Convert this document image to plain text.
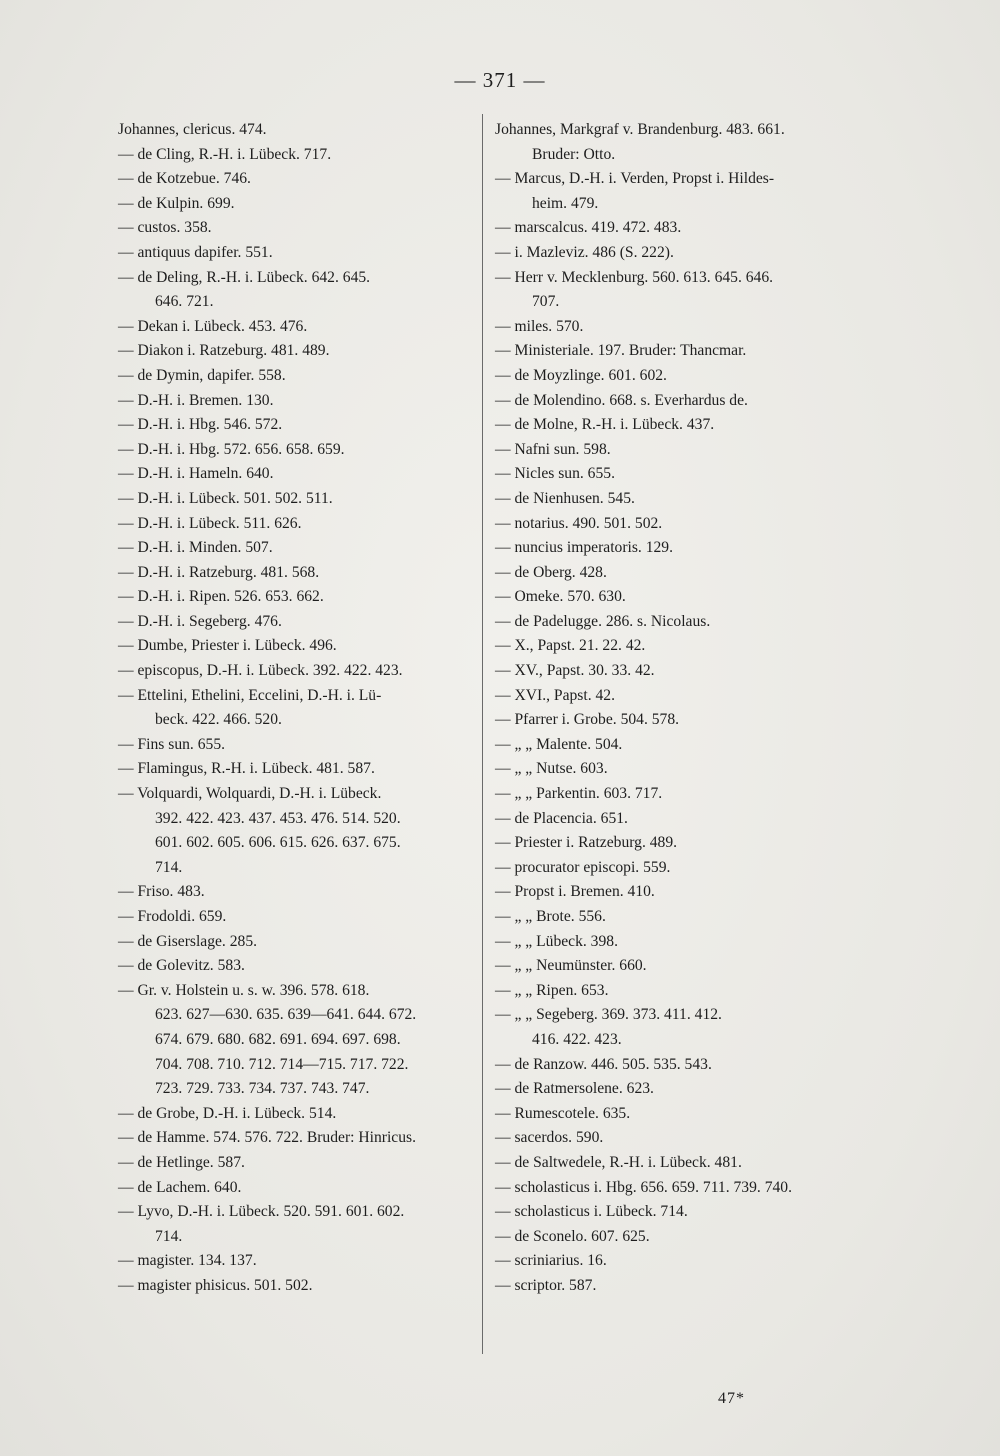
— 371 —
Johannes, clericus. 474.
— de Cling, R.-H. i. Lübeck. 717.
— de Kotzebue. 746.
— de Kulpin. 699.
— custos. 358.
— antiquus dapifer. 551.
— de Deling, R.-H. i. Lübeck. 642. 645.
646. 721.
— Dekan i. Lübeck. 453. 476.
— Diakon i. Ratzeburg. 481. 489.
— de Dymin, dapifer. 558.
— D.-H. i. Bremen. 130.
— D.-H. i. Hbg. 546. 572.
— D.-H. i. Hbg. 572. 656. 658. 659.
— D.-H. i. Hameln. 640.
— D.-H. i. Lübeck. 501. 502. 511.
— D.-H. i. Lübeck. 511. 626.
— D.-H. i. Minden. 507.
— D.-H. i. Ratzeburg. 481. 568.
— D.-H. i. Ripen. 526. 653. 662.
— D.-H. i. Segeberg. 476.
— Dumbe, Priester i. Lübeck. 496.
— episcopus, D.-H. i. Lübeck. 392. 422. 423.
— Ettelini, Ethelini, Eccelini, D.-H. i. Lü-
beck. 422. 466. 520.
— Fins sun. 655.
— Flamingus, R.-H. i. Lübeck. 481. 587.
— Volquardi, Wolquardi, D.-H. i. Lübeck.
392. 422. 423. 437. 453. 476. 514. 520.
601. 602. 605. 606. 615. 626. 637. 675.
714.
— Friso. 483.
— Frodoldi. 659.
— de Giserslage. 285.
— de Golevitz. 583.
— Gr. v. Holstein u. s. w. 396. 578. 618.
623. 627—630. 635. 639—641. 644. 672.
674. 679. 680. 682. 691. 694. 697. 698.
704. 708. 710. 712. 714—715. 717. 722.
723. 729. 733. 734. 737. 743. 747.
— de Grobe, D.-H. i. Lübeck. 514.
— de Hamme. 574. 576. 722. Bruder: Hinricus.
— de Hetlinge. 587.
— de Lachem. 640.
— Lyvo, D.-H. i. Lübeck. 520. 591. 601. 602.
714.
— magister. 134. 137.
— magister phisicus. 501. 502.
Johannes, Markgraf v. Brandenburg. 483. 661.
Bruder: Otto.
— Marcus, D.-H. i. Verden, Propst i. Hildes-
heim. 479.
— marscalcus. 419. 472. 483.
— i. Mazleviz. 486 (S. 222).
— Herr v. Mecklenburg. 560. 613. 645. 646.
707.
— miles. 570.
— Ministeriale. 197. Bruder: Thancmar.
— de Moyzlinge. 601. 602.
— de Molendino. 668. s. Everhardus de.
— de Molne, R.-H. i. Lübeck. 437.
— Nafni sun. 598.
— Nicles sun. 655.
— de Nienhusen. 545.
— notarius. 490. 501. 502.
— nuncius imperatoris. 129.
— de Oberg. 428.
— Omeke. 570. 630.
— de Padelugge. 286. s. Nicolaus.
— X., Papst. 21. 22. 42.
— XV., Papst. 30. 33. 42.
— XVI., Papst. 42.
— Pfarrer i. Grobe. 504. 578.
— „ „ Malente. 504.
— „ „ Nutse. 603.
— „ „ Parkentin. 603. 717.
— de Placencia. 651.
— Priester i. Ratzeburg. 489.
— procurator episcopi. 559.
— Propst i. Bremen. 410.
— „ „ Brote. 556.
— „ „ Lübeck. 398.
— „ „ Neumünster. 660.
— „ „ Ripen. 653.
— „ „ Segeberg. 369. 373. 411. 412.
416. 422. 423.
— de Ranzow. 446. 505. 535. 543.
— de Ratmersolene. 623.
— Rumescotele. 635.
— sacerdos. 590.
— de Saltwedele, R.-H. i. Lübeck. 481.
— scholasticus i. Hbg. 656. 659. 711. 739. 740.
— scholasticus i. Lübeck. 714.
— de Sconelo. 607. 625.
— scriniarius. 16.
— scriptor. 587.
47*
